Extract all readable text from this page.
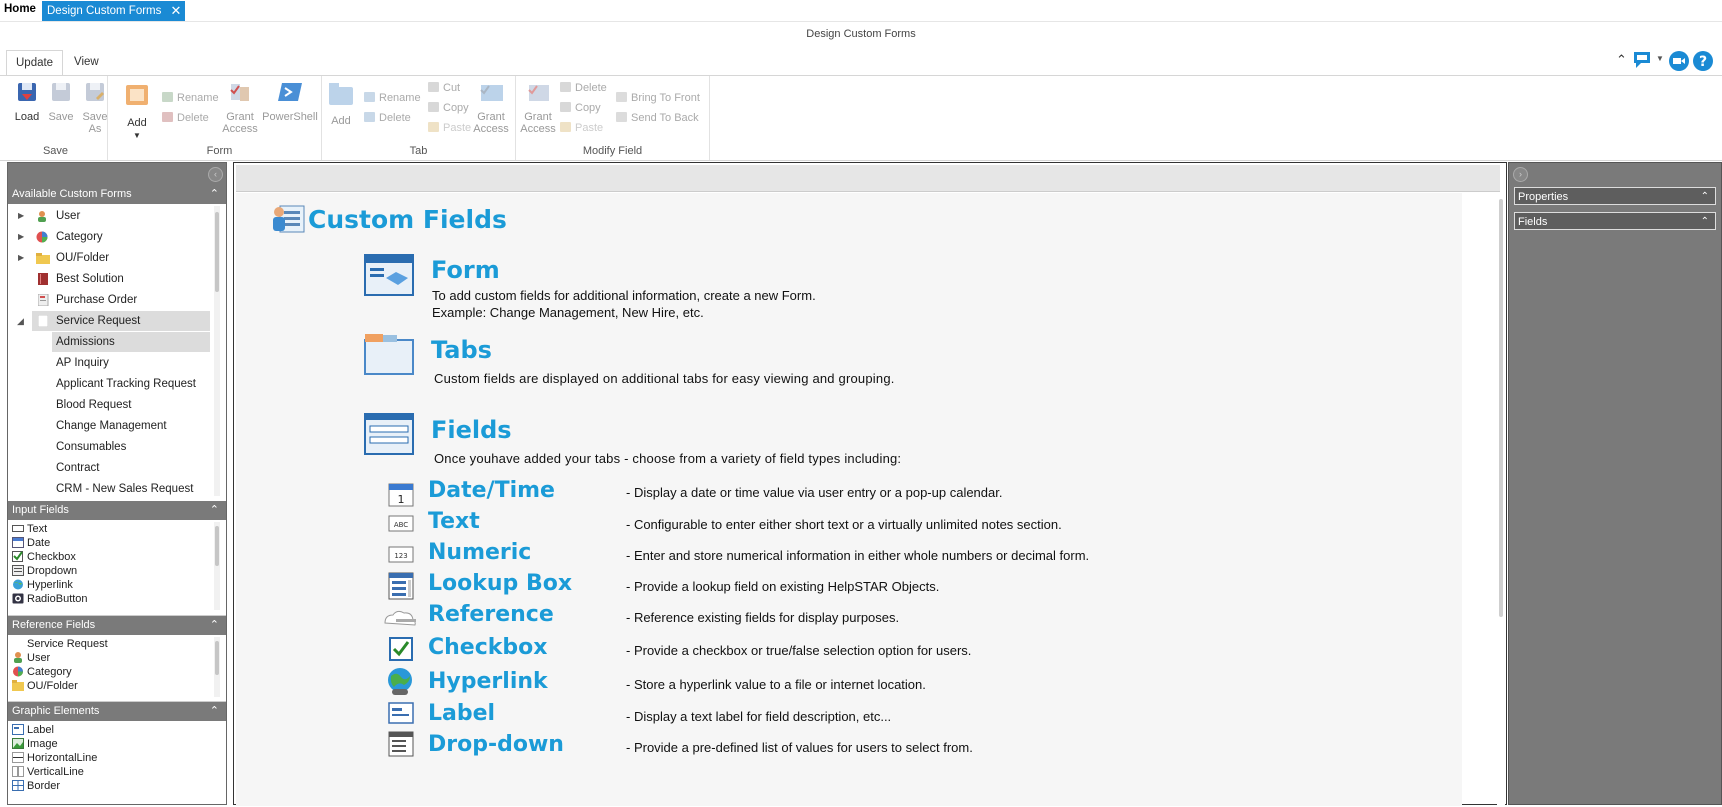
Home Design Custom Forms ✕
Design Custom Forms
Update	View	⌃	▼	?
Load Save Save
As
Save
Add
▼
Rename
Delete	Grant
Access
PowerShell
Form
Add
Rename
Delete
Cut
Copy
Paste
Grant
Access
Tab
Grant
Access
Delete
Copy
Paste
Bring To Front
Send To Back
Modify Field
‹
Available Custom Forms	⌃
▶	User
▶	Category
▶	OU/Folder
Best Solution
Purchase Order
◢	Service Request
Admissions
AP Inquiry
Applicant Tracking Request
Blood Request
Change Management
Consumables
Contract
CRM - New Sales Request
Input Fields	⌃
Text
Date
Checkbox
Dropdown
Hyperlink
RadioButton
Reference Fields	⌃
Service Request
User
Category
OU/Folder
Graphic Elements	⌃
Label
Image
HorizontalLine
VerticalLine
Border
Custom Fields
Form
To add custom fields for additional information, create a new Form.
Example: Change Management, New Hire, etc.
Tabs
Custom fields are displayed on additional tabs for easy viewing and grouping.
Fields
Once youhave added your tabs - choose from a variety of field types including:
1 Date/Time	- Display a date or time value via user entry or a pop-up calendar.
ABC Text	- Configurable to enter either short text or a virtually unlimited notes section.
123 Numeric	- Enter and store numerical information in either whole numbers or decimal form.
Lookup Box	- Provide a lookup field on existing HelpSTAR Objects.
Reference	- Reference existing fields for display purposes.
Checkbox	- Provide a checkbox or true/false selection option for users.
Hyperlink	- Store a hyperlink value to a file or internet location.
Label	- Display a text label for field description, etc...
Drop-down	- Provide a pre-defined list of values for users to select from.
›
Properties	⌃
Fields	⌃
